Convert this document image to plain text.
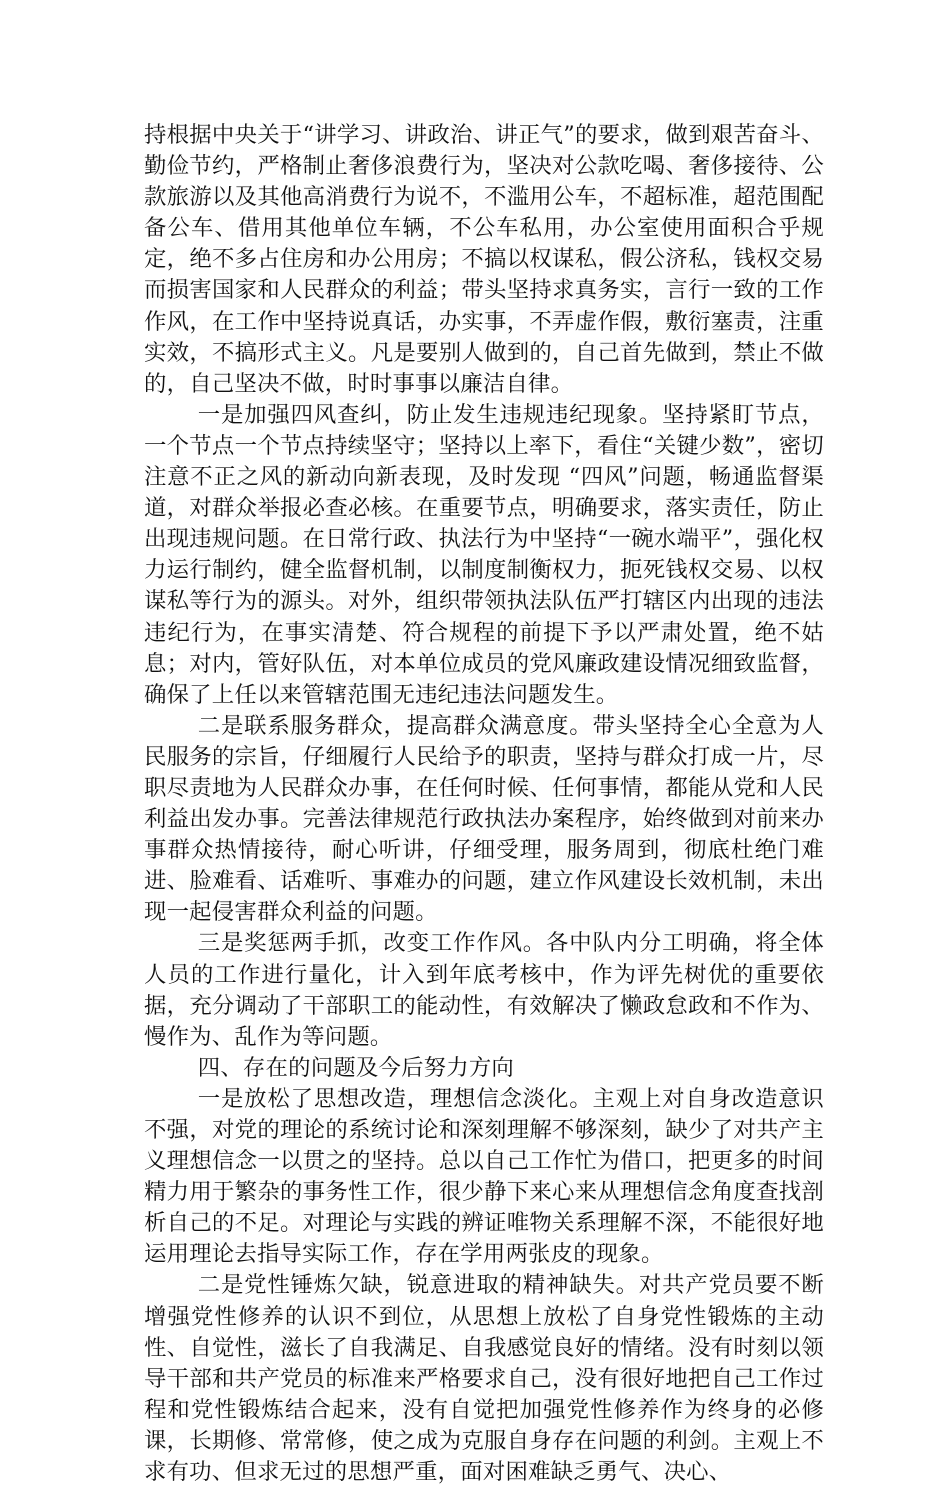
持根据中央关于“讲学习、讲政治、讲正气”的要求，做到艰苦奋斗、勤俭节约，严格制止奢侈浪费行为，坚决对公款吃喝、奢侈接待、公款旅游以及其他高消费行为说不，不滥用公车，不超标准，超范围配备公车、借用其他单位车辆，不公车私用，办公室使用面积合乎规定，绝不多占住房和办公用房；不搞以权谋私，假公济私，钱权交易而损害国家和人民群众的利益；带头坚持求真务实，言行一致的工作作风，在工作中坚持说真话，办实事，不弄虚作假，敷衍塞责，注重实效，不搞形式主义。凡是要别人做到的，自己首先做到，禁止不做的，自己坚决不做，时时事事以廉洁自律。

一是加强四风查纠，防止发生违规违纪现象。坚持紧盯节点，一个节点一个节点持续坚守；坚持以上率下，看住“关键少数”，密切注意不正之风的新动向新表现，及时发现 “四风”问题，畅通监督渠道，对群众举报必查必核。在重要节点，明确要求，落实责任，防止出现违规问题。在日常行政、执法行为中坚持“一碗水端平”，强化权力运行制约，健全监督机制，以制度制衡权力，扼死钱权交易、以权谋私等行为的源头。对外，组织带领执法队伍严打辖区内出现的违法违纪行为，在事实清楚、符合规程的前提下予以严肃处置，绝不姑息；对内，管好队伍，对本单位成员的党风廉政建设情况细致监督，确保了上任以来管辖范围无违纪违法问题发生。

二是联系服务群众，提高群众满意度。带头坚持全心全意为人民服务的宗旨，仔细履行人民给予的职责，坚持与群众打成一片，尽职尽责地为人民群众办事，在任何时候、任何事情，都能从党和人民利益出发办事。完善法律规范行政执法办案程序，始终做到对前来办事群众热情接待，耐心听讲，仔细受理，服务周到，彻底杜绝门难进、脸难看、话难听、事难办的问题，建立作风建设长效机制，未出现一起侵害群众利益的问题。

三是奖惩两手抓，改变工作作风。各中队内分工明确，将全体人员的工作进行量化，计入到年底考核中，作为评先树优的重要依据，充分调动了干部职工的能动性，有效解决了懒政怠政和不作为、慢作为、乱作为等问题。

四、存在的问题及今后努力方向

一是放松了思想改造，理想信念淡化。主观上对自身改造意识不强，对党的理论的系统讨论和深刻理解不够深刻，缺少了对共产主义理想信念一以贯之的坚持。总以自己工作忙为借口，把更多的时间精力用于繁杂的事务性工作，很少静下来心来从理想信念角度查找剖析自己的不足。对理论与实践的辨证唯物关系理解不深，不能很好地运用理论去指导实际工作，存在学用两张皮的现象。

二是党性锤炼欠缺，锐意进取的精神缺失。对共产党员要不断增强党性修养的认识不到位，从思想上放松了自身党性锻炼的主动性、自觉性，滋长了自我满足、自我感觉良好的情绪。没有时刻以领导干部和共产党员的标准来严格要求自己，没有很好地把自己工作过程和党性锻炼结合起来，没有自觉把加强党性修养作为终身的必修课，长期修、常常修，使之成为克服自身存在问题的利剑。主观上不求有功、但求无过的思想严重，面对困难缺乏勇气、决心、
